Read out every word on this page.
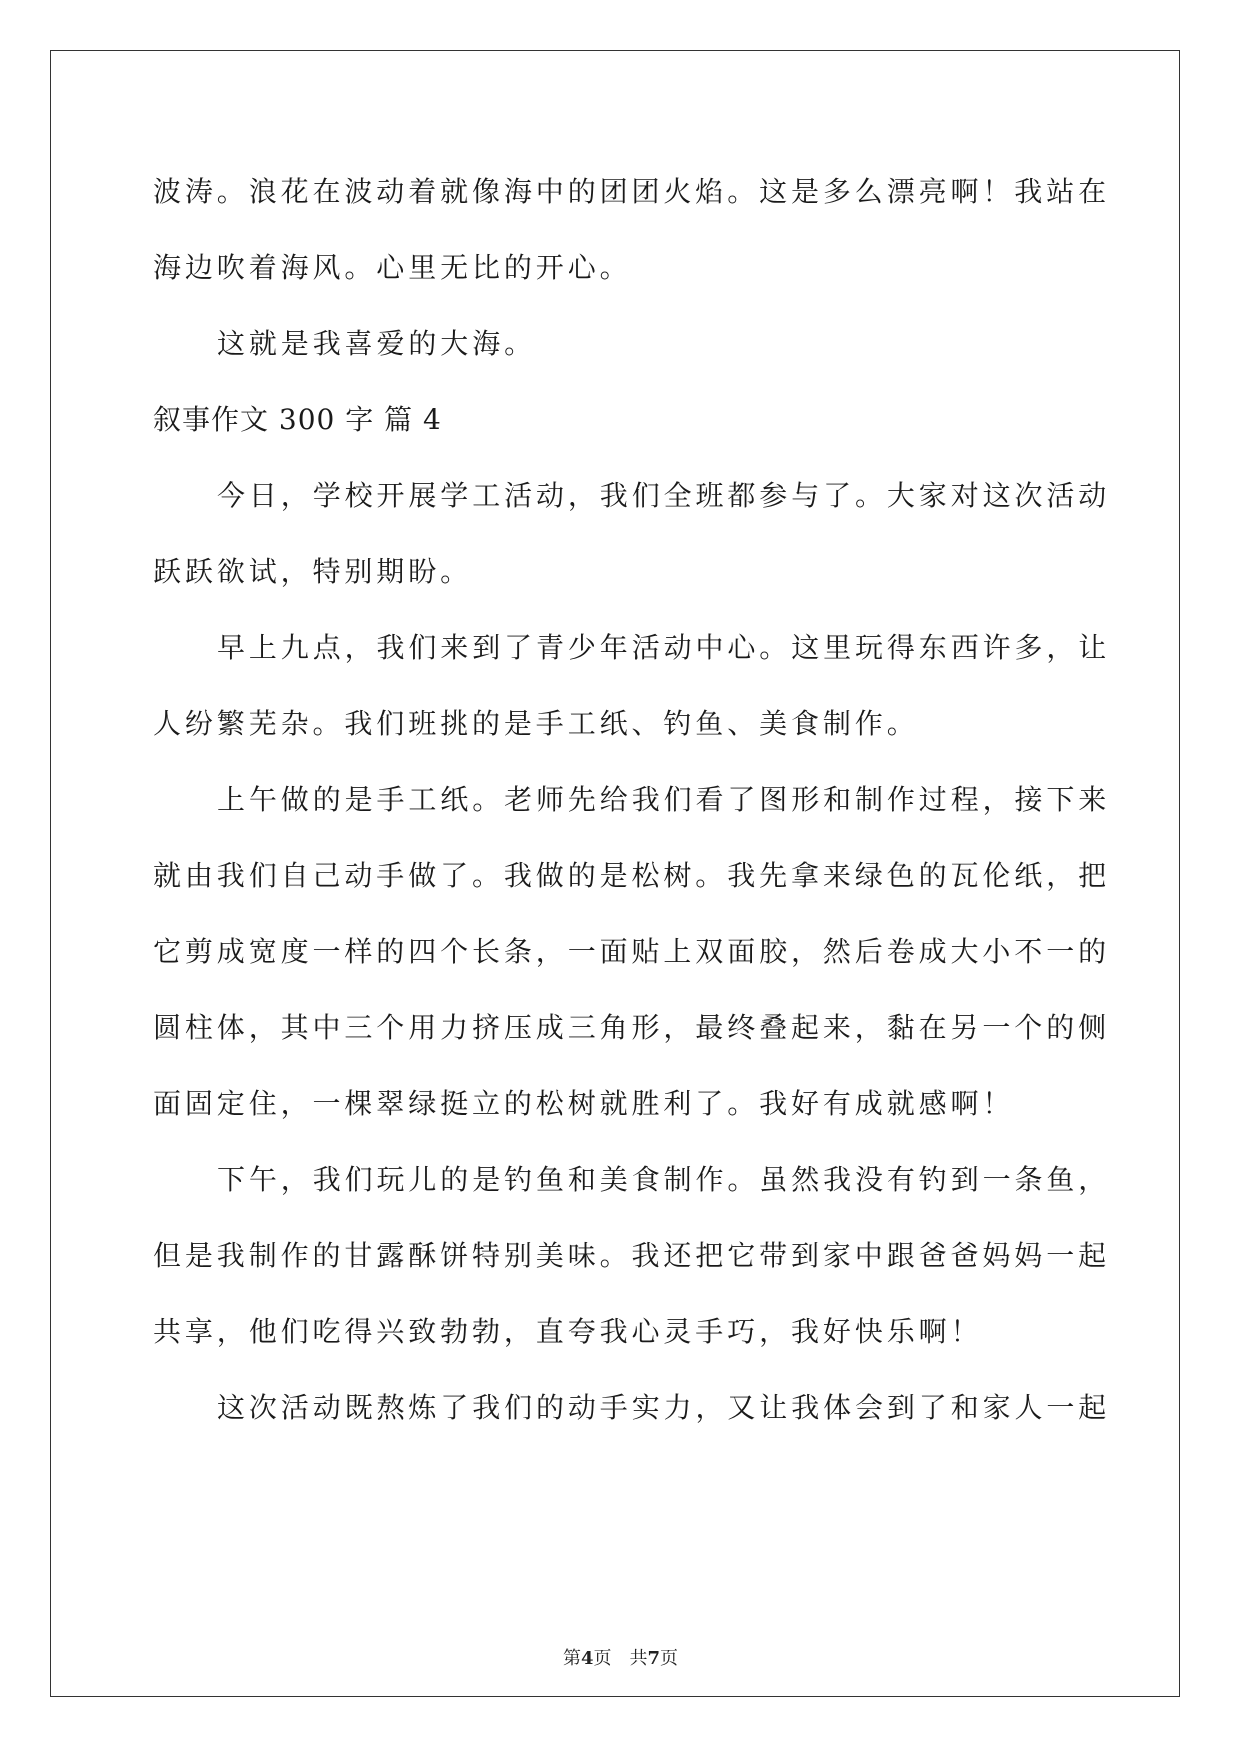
波涛。浪花在波动着就像海中的团团火焰。这是多么漂亮啊！我站在
海边吹着海风。心里无比的开心。
这就是我喜爱的大海。
叙事作文 300 字 篇 4
今日，学校开展学工活动，我们全班都参与了。大家对这次活动
跃跃欲试，特别期盼。
早上九点，我们来到了青少年活动中心。这里玩得东西许多，让
人纷繁芜杂。我们班挑的是手工纸、钓鱼、美食制作。
上午做的是手工纸。老师先给我们看了图形和制作过程，接下来
就由我们自己动手做了。我做的是松树。我先拿来绿色的瓦伦纸，把
它剪成宽度一样的四个长条，一面贴上双面胶，然后卷成大小不一的
圆柱体，其中三个用力挤压成三角形，最终叠起来，黏在另一个的侧
面固定住，一棵翠绿挺立的松树就胜利了。我好有成就感啊！
下午，我们玩儿的是钓鱼和美食制作。虽然我没有钓到一条鱼，
但是我制作的甘露酥饼特别美味。我还把它带到家中跟爸爸妈妈一起
共享，他们吃得兴致勃勃，直夸我心灵手巧，我好快乐啊！
这次活动既熬炼了我们的动手实力，又让我体会到了和家人一起
第4页 共7页
